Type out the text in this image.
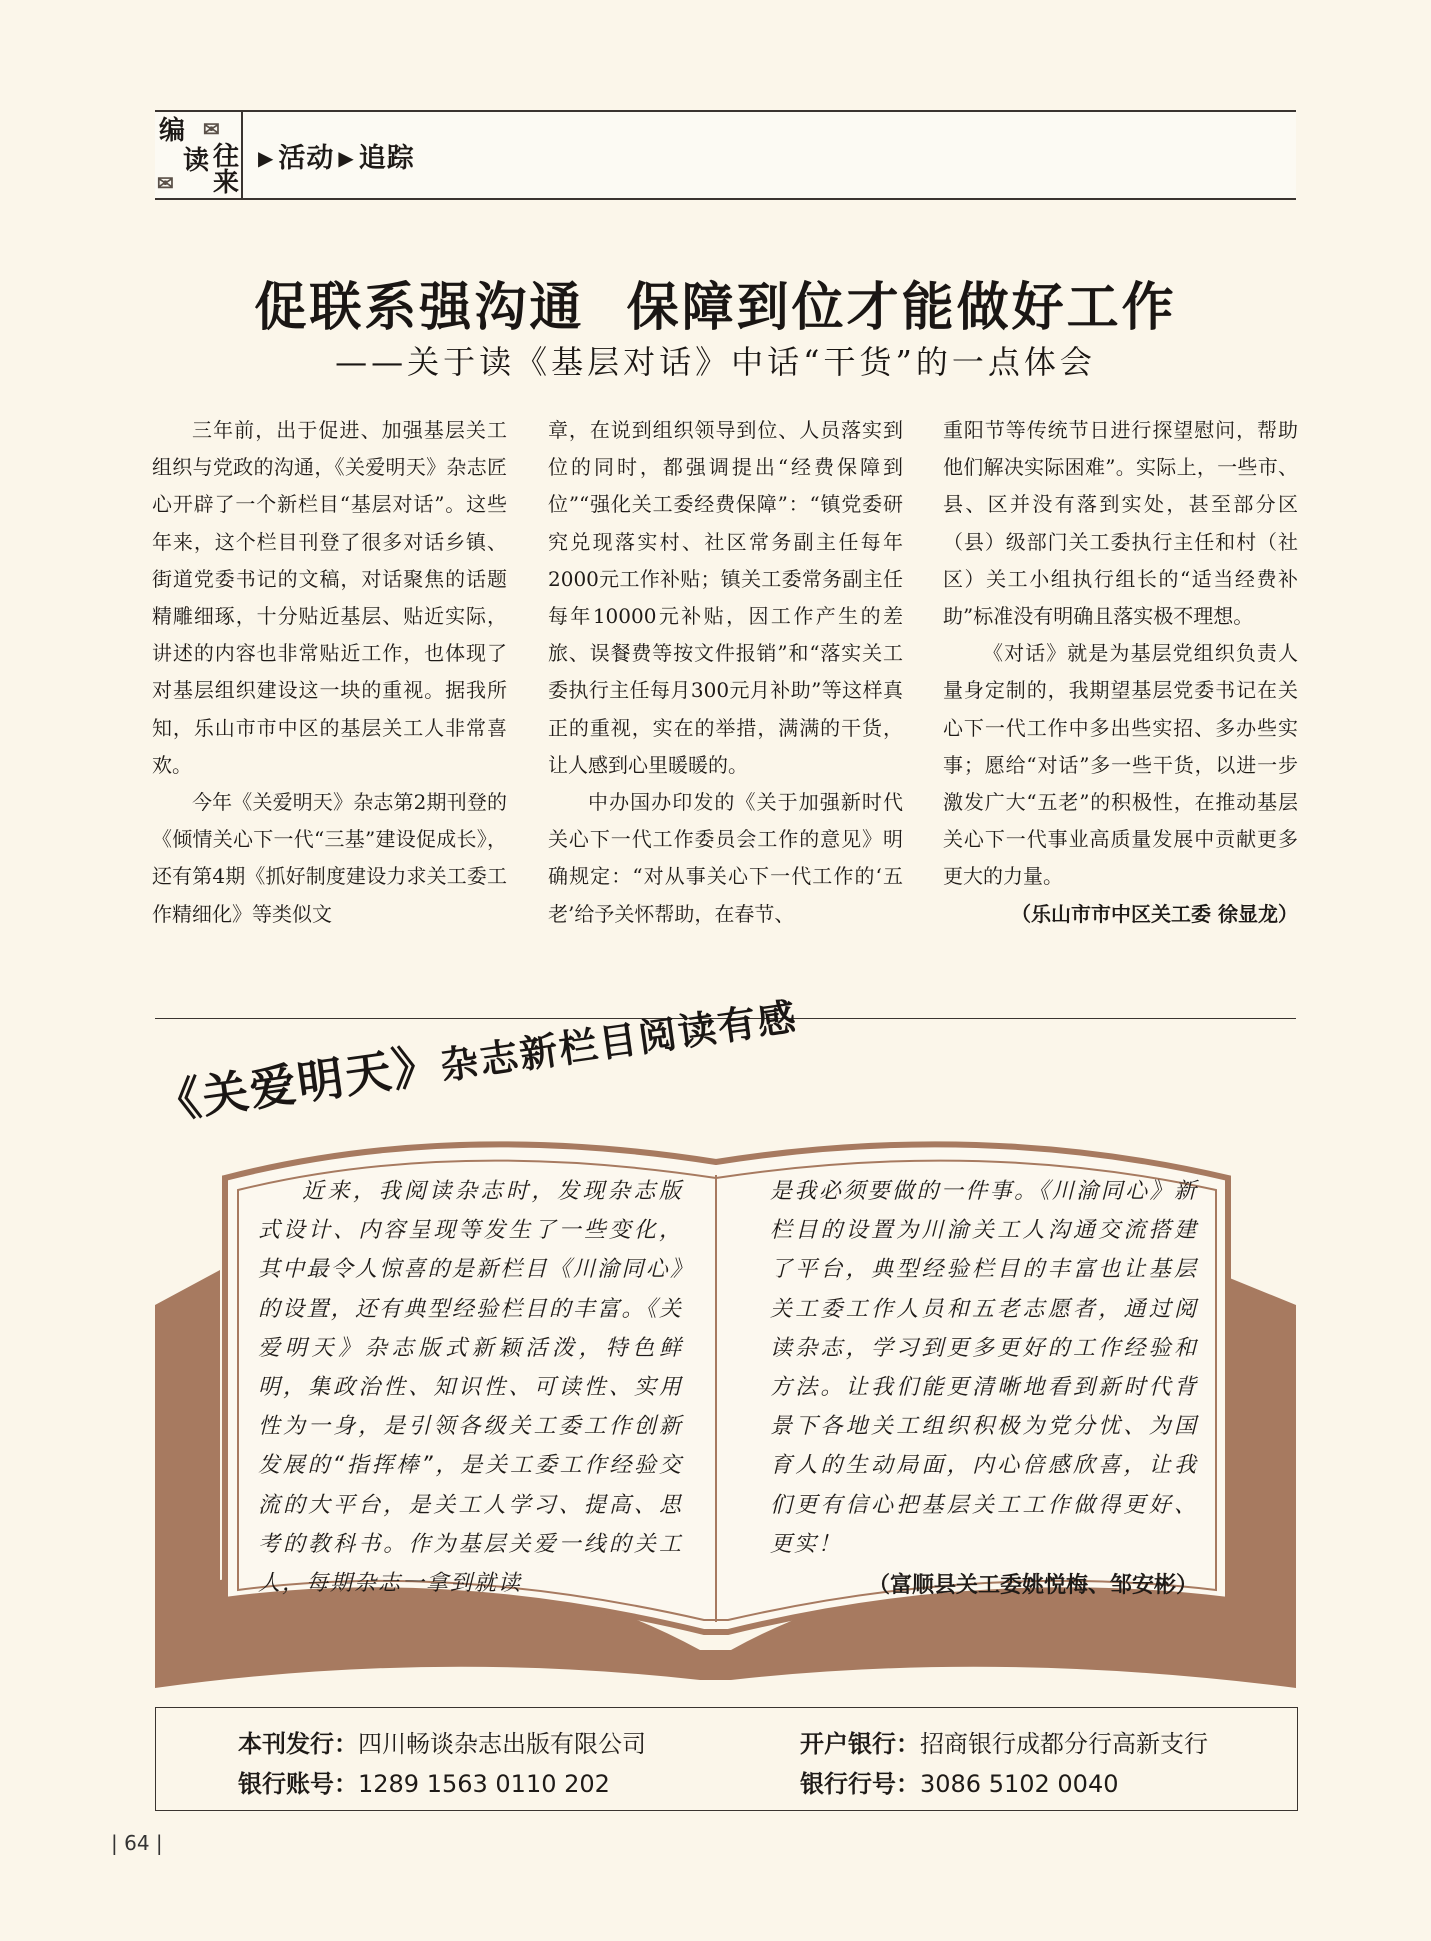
编 ✉
读 往
✉ 来
▶ 活动 ▶ 追踪
促联系强沟通  保障到位才能做好工作
——关于读《基层对话》中话“干货”的一点体会

三年前，出于促进、加强基层关工组织与党政的沟通，《关爱明天》杂志匠心开辟了一个新栏目“基层对话”。这些年来，这个栏目刊登了很多对话乡镇、街道党委书记的文稿，对话聚焦的话题精雕细琢，十分贴近基层、贴近实际，讲述的内容也非常贴近工作，也体现了对基层组织建设这一块的重视。据我所知，乐山市市中区的基层关工人非常喜欢。

今年《关爱明天》杂志第2期刊登的《倾情关心下一代“三基”建设促成长》，还有第4期《抓好制度建设力求关工委工作精细化》等类似文

章，在说到组织领导到位、人员落实到位的同时，都强调提出“经费保障到位”“强化关工委经费保障”：“镇党委研究兑现落实村、社区常务副主任每年2000元工作补贴；镇关工委常务副主任每年10000元补贴，因工作产生的差旅、误餐费等按文件报销”和“落实关工委执行主任每月300元月补助”等这样真正的重视，实在的举措，满满的干货，让人感到心里暖暖的。

中办国办印发的《关于加强新时代关心下一代工作委员会工作的意见》明确规定：“对从事关心下一代工作的‘五老’给予关怀帮助，在春节、

重阳节等传统节日进行探望慰问，帮助他们解决实际困难”。实际上，一些市、县、区并没有落到实处，甚至部分区（县）级部门关工委执行主任和村（社区）关工小组执行组长的“适当经费补助”标准没有明确且落实极不理想。

《对话》就是为基层党组织负责人量身定制的，我期望基层党委书记在关心下一代工作中多出些实招、多办些实事；愿给“对话”多一些干货，以进一步激发广大“五老”的积极性，在推动基层关心下一代事业高质量发展中贡献更多更大的力量。

（乐山市市中区关工委 徐显龙）

《关爱明天》杂志新栏目阅读有感

近来，我阅读杂志时，发现杂志版式设计、内容呈现等发生了一些变化，其中最令人惊喜的是新栏目《川渝同心》的设置，还有典型经验栏目的丰富。《关爱明天》杂志版式新颖活泼，特色鲜明，集政治性、知识性、可读性、实用性为一身，是引领各级关工委工作创新发展的“指挥棒”，是关工委工作经验交流的大平台，是关工人学习、提高、思考的教科书。作为基层关爱一线的关工人，每期杂志一拿到就读

是我必须要做的一件事。《川渝同心》新栏目的设置为川渝关工人沟通交流搭建了平台，典型经验栏目的丰富也让基层关工委工作人员和五老志愿者，通过阅读杂志，学习到更多更好的工作经验和方法。让我们能更清晰地看到新时代背景下各地关工组织积极为党分忧、为国育人的生动局面，内心倍感欣喜，让我们更有信心把基层关工工作做得更好、更实！

（富顺县关工委姚悦梅、邹安彬）

本刊发行：四川畅谈杂志出版有限公司
银行账号：1289 1563 0110 202
开户银行：招商银行成都分行高新支行
银行行号：3086 5102 0040
| 64 |
